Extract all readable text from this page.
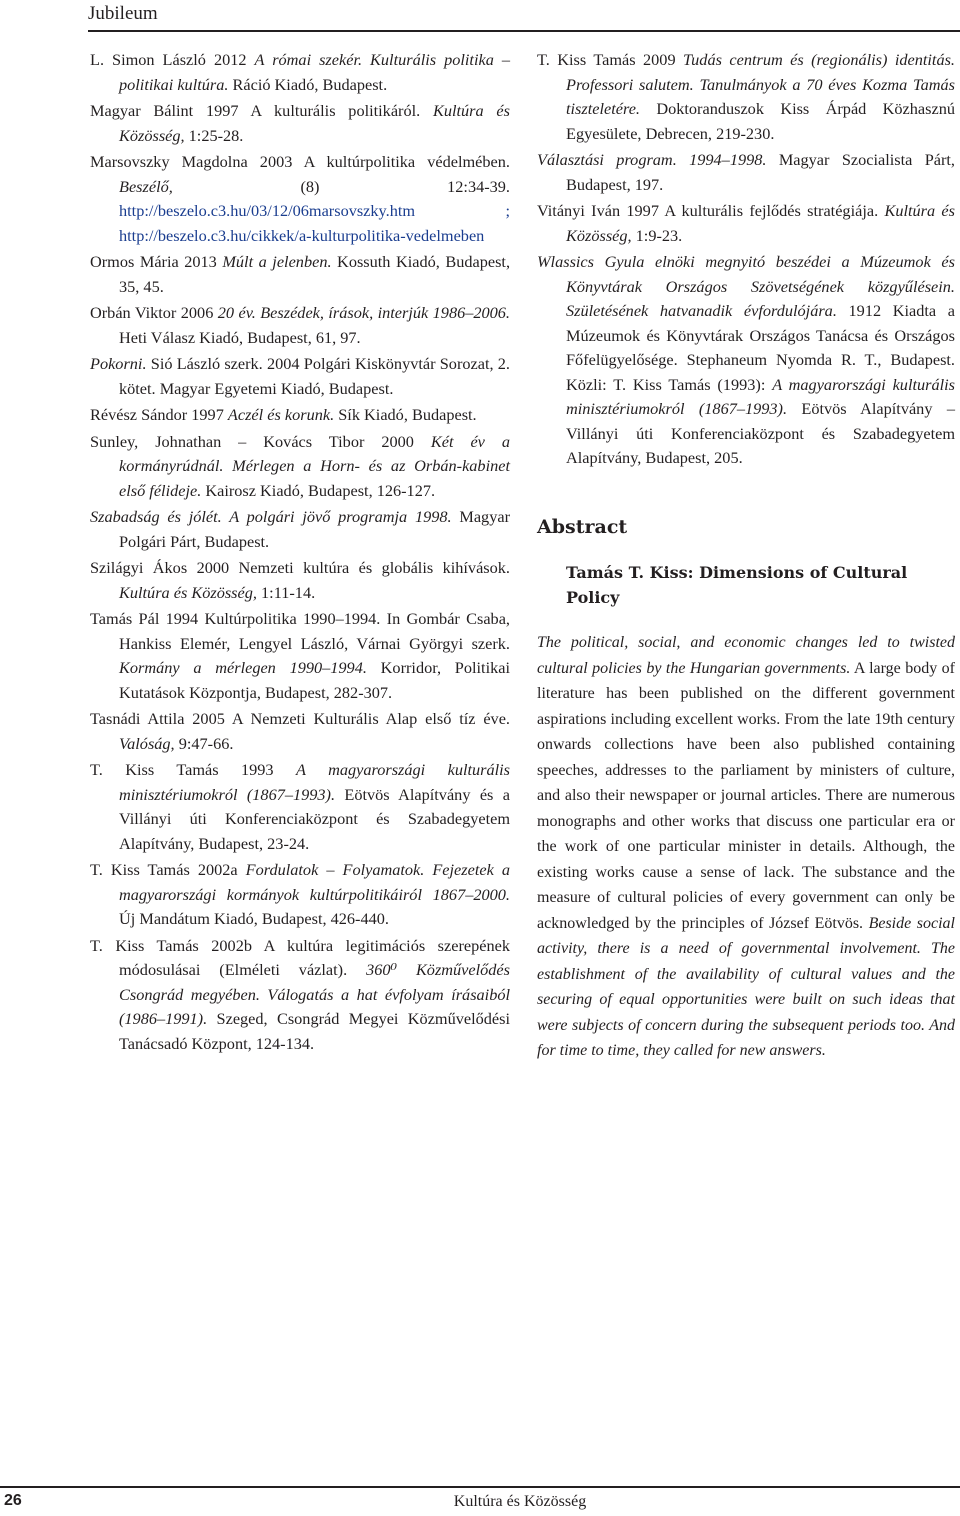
Jubileum

L. Simon László 2012 A római szekér. Kulturális politika – politikai kultúra. Ráció Kiadó, Budapest.

Magyar Bálint 1997 A kulturális politikáról. Kultúra és Közösség, 1:25-28.

Marsovszky Magdolna 2003 A kultúrpolitika védelmében. Beszélő, (8) 12:34-39. http://beszelo.c3.hu/03/12/06marsovszky.htm ; http://beszelo.c3.hu/cikkek/a-kulturpolitika-vedelmeben

Ormos Mária 2013 Múlt a jelenben. Kossuth Kiadó, Budapest, 35, 45.

Orbán Viktor 2006 20 év. Beszédek, írások, interjúk 1986–2006. Heti Válasz Kiadó, Budapest, 61, 97.

Pokorni. Sió László szerk. 2004 Polgári Kiskönyvtár Sorozat, 2. kötet. Magyar Egyetemi Kiadó, Budapest.

Révész Sándor 1997 Aczél és korunk. Sík Kiadó, Budapest.

Sunley, Johnathan – Kovács Tibor 2000 Két év a kormányrúdnál. Mérlegen a Horn- és az Orbán-kabinet első félideje. Kairosz Kiadó, Budapest, 126-127.

Szabadság és jólét. A polgári jövő programja 1998. Magyar Polgári Párt, Budapest.

Szilágyi Ákos 2000 Nemzeti kultúra és globális kihívások. Kultúra és Közösség, 1:11-14.

Tamás Pál 1994 Kultúrpolitika 1990–1994. In Gombár Csaba, Hankiss Elemér, Lengyel László, Várnai Györgyi szerk. Kormány a mérlegen 1990–1994. Korridor, Politikai Kutatások Központja, Budapest, 282-307.

Tasnádi Attila 2005 A Nemzeti Kulturális Alap első tíz éve. Valóság, 9:47-66.

T. Kiss Tamás 1993 A magyarországi kulturális minisztériumokról (1867–1993). Eötvös Alapítvány és a Villányi úti Konferenciaközpont és Szabadegyetem Alapítvány, Budapest, 23-24.

T. Kiss Tamás 2002a Fordulatok – Folyamatok. Fejezetek a magyarországi kormányok kultúrpolitikáiról 1867–2000. Új Mandátum Kiadó, Budapest, 426-440.

T. Kiss Tamás 2002b A kultúra legitimációs szerepének módosulásai (Elméleti vázlat). 360⁰ Közművelődés Csongrád megyében. Válogatás a hat évfolyam írásaiból (1986–1991). Szeged, Csongrád Megyei Közművelődési Tanácsadó Központ, 124-134.

T. Kiss Tamás 2009 Tudás centrum és (regionális) identitás. Professori salutem. Tanulmányok a 70 éves Kozma Tamás tiszteletére. Doktoranduszok Kiss Árpád Közhasznú Egyesülete, Debrecen, 219-230.

Választási program. 1994–1998. Magyar Szocialista Párt, Budapest, 197.

Vitányi Iván 1997 A kulturális fejlődés stratégiája. Kultúra és Közösség, 1:9-23.

Wlassics Gyula elnöki megnyitó beszédei a Múzeumok és Könyvtárak Országos Szövetségének közgyűlésein. Születésének hatvanadik évfordulójára. 1912 Kiadta a Múzeumok és Könyvtárak Országos Tanácsa és Országos Főfelügyelősége. Stephaneum Nyomda R. T., Budapest. Közli: T. Kiss Tamás (1993): A magyarországi kulturális minisztériumokról (1867–1993). Eötvös Alapítvány – Villányi úti Konferenciaközpont és Szabadegyetem Alapítvány, Budapest, 205.

Abstract
Tamás T. Kiss: Dimensions of Cultural Policy

The political, social, and economic changes led to twisted cultural policies by the Hungarian governments. A large body of literature has been published on the different government aspirations including excellent works. From the late 19th century onwards collections have been also published containing speeches, addresses to the parliament by ministers of culture, and also their newspaper or journal articles. There are numerous monographs and other works that discuss one particular era or the work of one particular minister in details. Although, the existing works cause a sense of lack. The substance and the measure of cultural policies of every government can only be acknowledged by the principles of József Eötvös. Beside social activity, there is a need of governmental involvement. The establishment of the availability of cultural values and the securing of equal opportunities were built on such ideas that were subjects of concern during the subsequent periods too. And for time to time, they called for new answers.

26	Kultúra és Közösség
